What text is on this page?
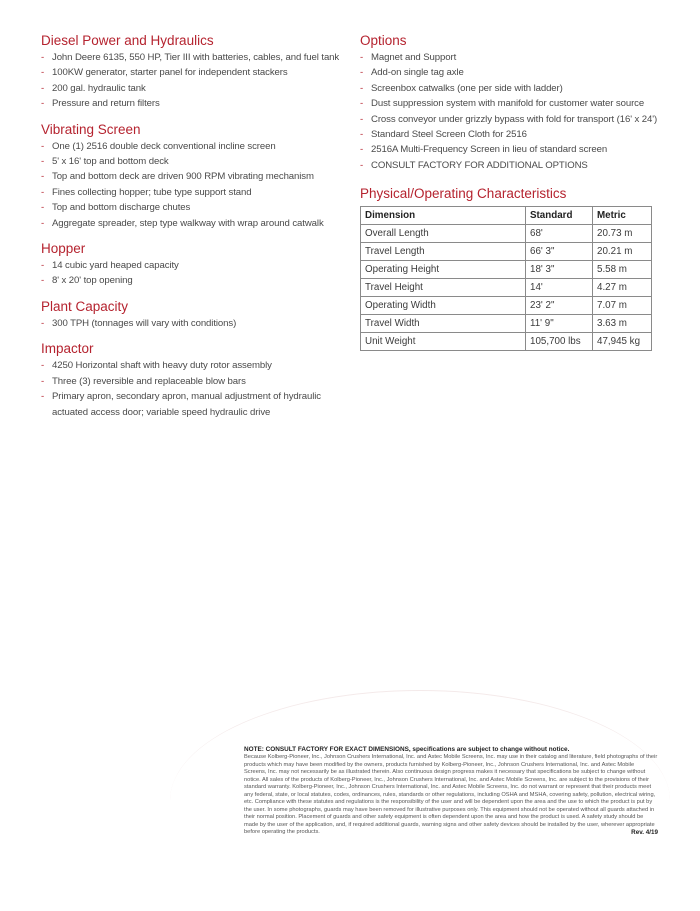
Diesel Power and Hydraulics
- John Deere 6135, 550 HP, Tier III with batteries, cables, and fuel tank
- 100KW generator, starter panel for independent stackers
- 200 gal. hydraulic tank
- Pressure and return filters
Vibrating Screen
- One (1) 2516 double deck conventional incline screen
- 5' x 16' top and bottom deck
- Top and bottom deck are driven 900 RPM vibrating mechanism
- Fines collecting hopper; tube type support stand
- Top and bottom discharge chutes
- Aggregate spreader, step type walkway with wrap around catwalk
Hopper
- 14 cubic yard heaped capacity
- 8' x 20' top opening
Plant Capacity
- 300 TPH (tonnages will vary with conditions)
Impactor
- 4250 Horizontal shaft with heavy duty rotor assembly
- Three (3) reversible and replaceable blow bars
- Primary apron, secondary apron, manual adjustment of hydraulic actuated access door; variable speed hydraulic drive
Options
- Magnet and Support
- Add-on single tag axle
- Screenbox catwalks (one per side with ladder)
- Dust suppression system with manifold for customer water source
- Cross conveyor under grizzly bypass with fold for transport (16' x 24')
- Standard Steel Screen Cloth for 2516
- 2516A Multi-Frequency Screen in lieu of standard screen
- CONSULT FACTORY FOR ADDITIONAL OPTIONS
Physical/Operating Characteristics
Dimension	Standard	Metric
Overall Length	68'	20.73 m
Travel Length	66' 3"	20.21 m
Operating Height	18' 3"	5.58 m
Travel Height	14'	4.27 m
Operating Width	23' 2"	7.07 m
Travel Width	11' 9"	3.63 m
Unit Weight	105,700 lbs	47,945 kg
NOTE: CONSULT FACTORY FOR EXACT DIMENSIONS, specifications are subject to change without notice.
Because Kolberg-Pioneer, Inc., Johnson Crushers International, Inc. and Astec Mobile Screens, Inc. may use in their catalog and literature, field photographs of their products which may have been modified by the owners, products furnished by Kolberg-Pioneer, Inc., Johnson Crushers International, Inc. and Astec Mobile Screens, Inc. may not necessarily be as illustrated therein. Also continuous design progress makes it necessary that specifications be subject to change without notice. All sales of the products of Kolberg-Pioneer, Inc., Johnson Crushers International, Inc. and Astec Mobile Screens, Inc. are subject to the provisions of their standard warranty. Kolberg-Pioneer, Inc., Johnson Crushers International, Inc. and Astec Mobile Screens, Inc. do not warrant or represent that their products meet any federal, state, or local statutes, codes, ordinances, rules, standards or other regulations, including OSHA and MSHA, covering safety, pollution, electrical wiring, etc. Compliance with these statutes and regulations is the responsibility of the user and will be dependent upon the area and the use to which the product is put by the user. In some photographs, guards may have been removed for illustrative purposes only. This equipment should not be operated without all guards attached in their normal position. Placement of guards and other safety equipment is often dependent upon the area and how the product is used. A safety study should be made by the user of the application, and, if required additional guards, warning signs and other safety devices should be installed by the user, wherever appropriate before operating the products.	Rev. 4/19
